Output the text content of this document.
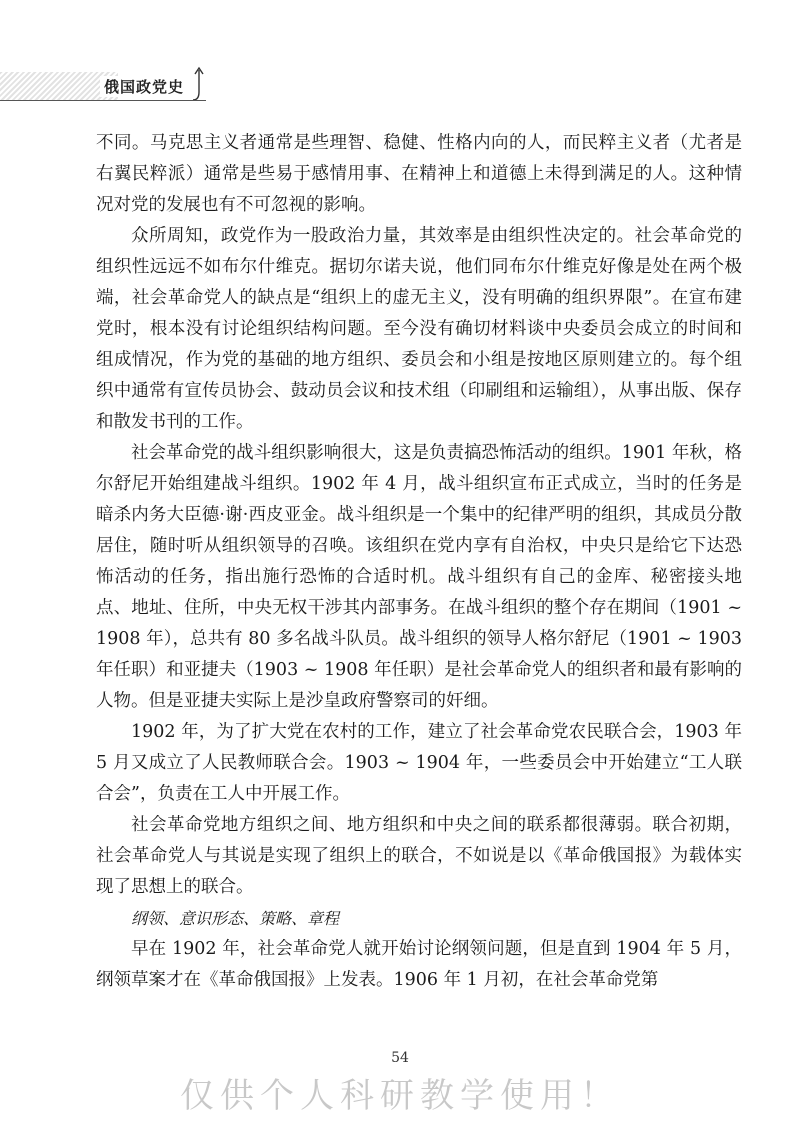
俄国政党史

不同。马克思主义者通常是些理智、稳健、性格内向的人，而民粹主义者（尤者是右翼民粹派）通常是些易于感情用事、在精神上和道德上未得到满足的人。这种情况对党的发展也有不可忽视的影响。

众所周知，政党作为一股政治力量，其效率是由组织性决定的。社会革命党的组织性远远不如布尔什维克。据切尔诺夫说，他们同布尔什维克好像是处在两个极端，社会革命党人的缺点是“组织上的虚无主义，没有明确的组织界限”。在宣布建党时，根本没有讨论组织结构问题。至今没有确切材料谈中央委员会成立的时间和组成情况，作为党的基础的地方组织、委员会和小组是按地区原则建立的。每个组织中通常有宣传员协会、鼓动员会议和技术组（印刷组和运输组），从事出版、保存和散发书刊的工作。

社会革命党的战斗组织影响很大，这是负责搞恐怖活动的组织。1901 年秋，格尔舒尼开始组建战斗组织。1902 年 4 月，战斗组织宣布正式成立，当时的任务是暗杀内务大臣德·谢·西皮亚金。战斗组织是一个集中的纪律严明的组织，其成员分散居住，随时听从组织领导的召唤。该组织在党内享有自治权，中央只是给它下达恐怖活动的任务，指出施行恐怖的合适时机。战斗组织有自己的金库、秘密接头地点、地址、住所，中央无权干涉其内部事务。在战斗组织的整个存在期间（1901 ~ 1908 年），总共有 80 多名战斗队员。战斗组织的领导人格尔舒尼（1901 ~ 1903 年任职）和亚捷夫（1903 ~ 1908 年任职）是社会革命党人的组织者和最有影响的人物。但是亚捷夫实际上是沙皇政府警察司的奸细。

1902 年，为了扩大党在农村的工作，建立了社会革命党农民联合会，1903 年 5 月又成立了人民教师联合会。1903 ~ 1904 年，一些委员会中开始建立“工人联合会”，负责在工人中开展工作。

社会革命党地方组织之间、地方组织和中央之间的联系都很薄弱。联合初期，社会革命党人与其说是实现了组织上的联合，不如说是以《革命俄国报》为载体实现了思想上的联合。

纲领、意识形态、策略、章程

早在 1902 年，社会革命党人就开始讨论纲领问题，但是直到 1904 年 5 月，纲领草案才在《革命俄国报》上发表。1906 年 1 月初，在社会革命党第

54
仅供个人科研教学使用！
